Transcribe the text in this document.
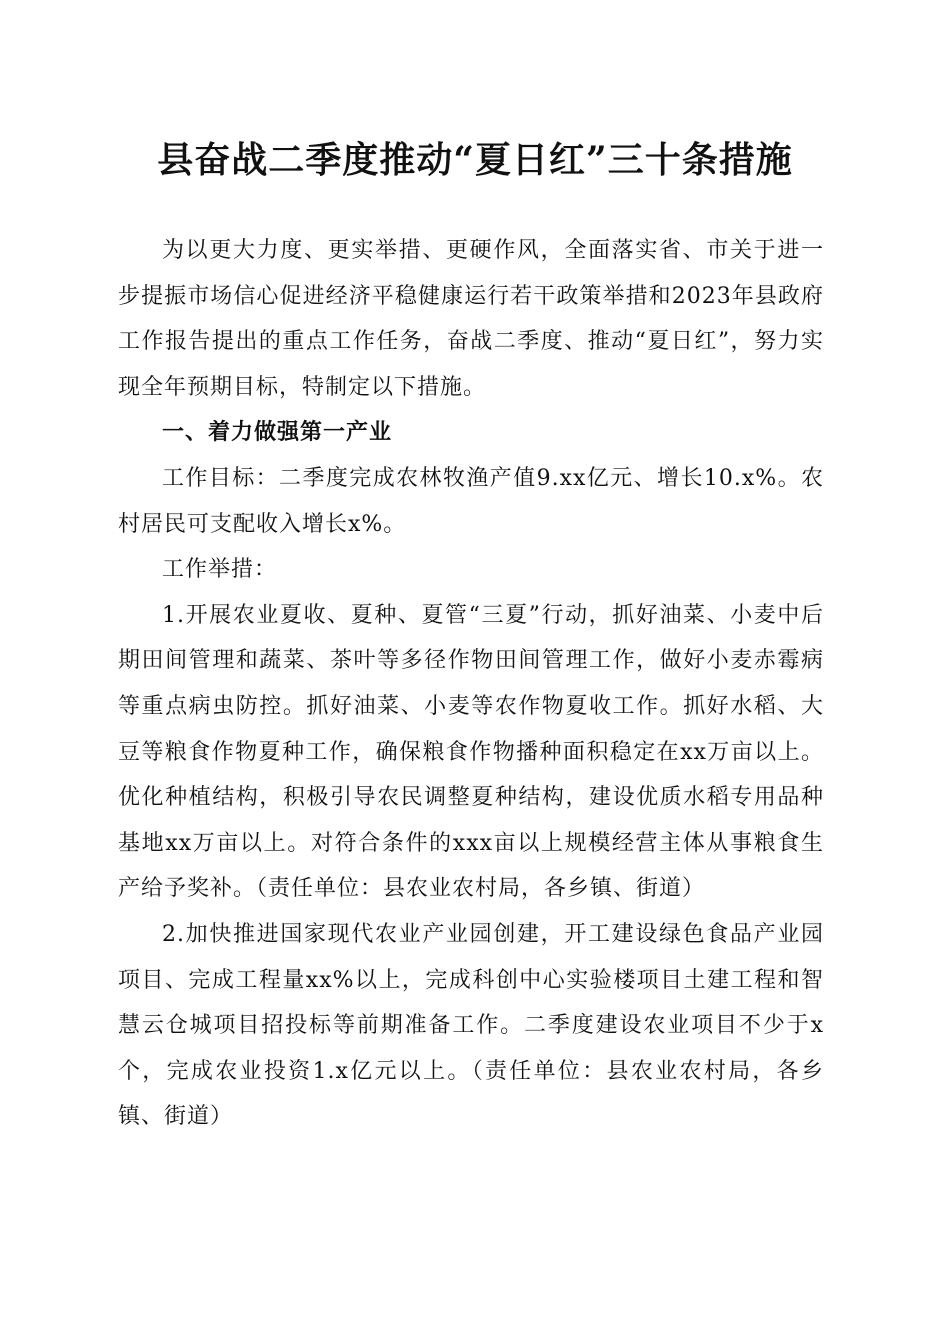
县奋战二季度推动“夏日红”三十条措施

为以更大力度、更实举措、更硬作风，全面落实省、市关于进一步提振市场信心促进经济平稳健康运行若干政策举措和2023年县政府工作报告提出的重点工作任务，奋战二季度、推动“夏日红”，努力实现全年预期目标，特制定以下措施。

一、着力做强第一产业

工作目标：二季度完成农林牧渔产值9.xx亿元、增长10.x%。农村居民可支配收入增长x%。

工作举措：

1.开展农业夏收、夏种、夏管“三夏”行动，抓好油菜、小麦中后期田间管理和蔬菜、茶叶等多径作物田间管理工作，做好小麦赤霉病等重点病虫防控。抓好油菜、小麦等农作物夏收工作。抓好水稻、大豆等粮食作物夏种工作，确保粮食作物播种面积稳定在xx万亩以上。优化种植结构，积极引导农民调整夏种结构，建设优质水稻专用品种基地xx万亩以上。对符合条件的xxx亩以上规模经营主体从事粮食生产给予奖补。（责任单位：县农业农村局，各乡镇、街道）

2.加快推进国家现代农业产业园创建，开工建设绿色食品产业园项目、完成工程量xx%以上，完成科创中心实验楼项目土建工程和智慧云仓城项目招投标等前期准备工作。二季度建设农业项目不少于x个，完成农业投资1.x亿元以上。（责任单位：县农业农村局，各乡镇、街道）
